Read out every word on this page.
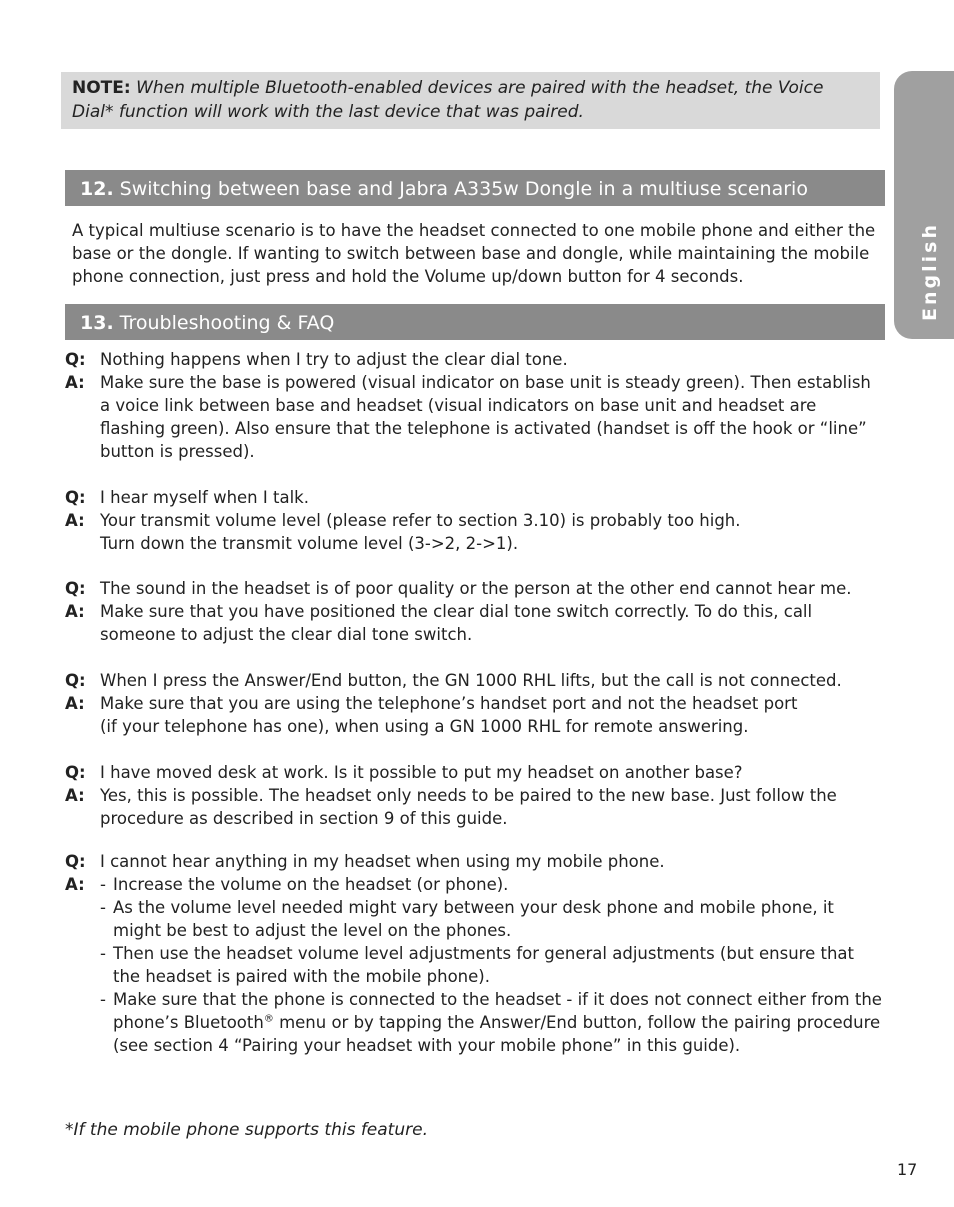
NOTE: When multiple Bluetooth-enabled devices are paired with the headset, the Voice Dial* function will work with the last device that was paired.
English
12. Switching between base and Jabra A335w Dongle in a multiuse scenario
A typical multiuse scenario is to have the headset connected to one mobile phone and either the base or the dongle. If wanting to switch between base and dongle, while maintaining the mobile phone connection, just press and hold the Volume up/down button for 4 seconds.
13. Troubleshooting & FAQ
Q: Nothing happens when I try to adjust the clear dial tone.
A: Make sure the base is powered (visual indicator on base unit is steady green). Then establish a voice link between base and headset (visual indicators on base unit and headset are flashing green). Also ensure that the telephone is activated (handset is off the hook or “line” button is pressed).
Q: I hear myself when I talk.
A: Your transmit volume level (please refer to section 3.10) is probably too high.
Turn down the transmit volume level (3->2, 2->1).
Q: The sound in the headset is of poor quality or the person at the other end cannot hear me.
A: Make sure that you have positioned the clear dial tone switch correctly. To do this, call someone to adjust the clear dial tone switch.
Q: When I press the Answer/End button, the GN 1000 RHL lifts, but the call is not connected.
A: Make sure that you are using the telephone’s handset port and not the headset port
(if your telephone has one), when using a GN 1000 RHL for remote answering.
Q: I have moved desk at work. Is it possible to put my headset on another base?
A: Yes, this is possible. The headset only needs to be paired to the new base. Just follow the procedure as described in section 9 of this guide.
Q: I cannot hear anything in my headset when using my mobile phone.
A: - Increase the volume on the headset (or phone).
- As the volume level needed might vary between your desk phone and mobile phone, it might be best to adjust the level on the phones.
- Then use the headset volume level adjustments for general adjustments (but ensure that the headset is paired with the mobile phone).
- Make sure that the phone is connected to the headset - if it does not connect either from the phone’s Bluetooth® menu or by tapping the Answer/End button, follow the pairing procedure (see section 4 “Pairing your headset with your mobile phone” in this guide).
*If the mobile phone supports this feature.
17
